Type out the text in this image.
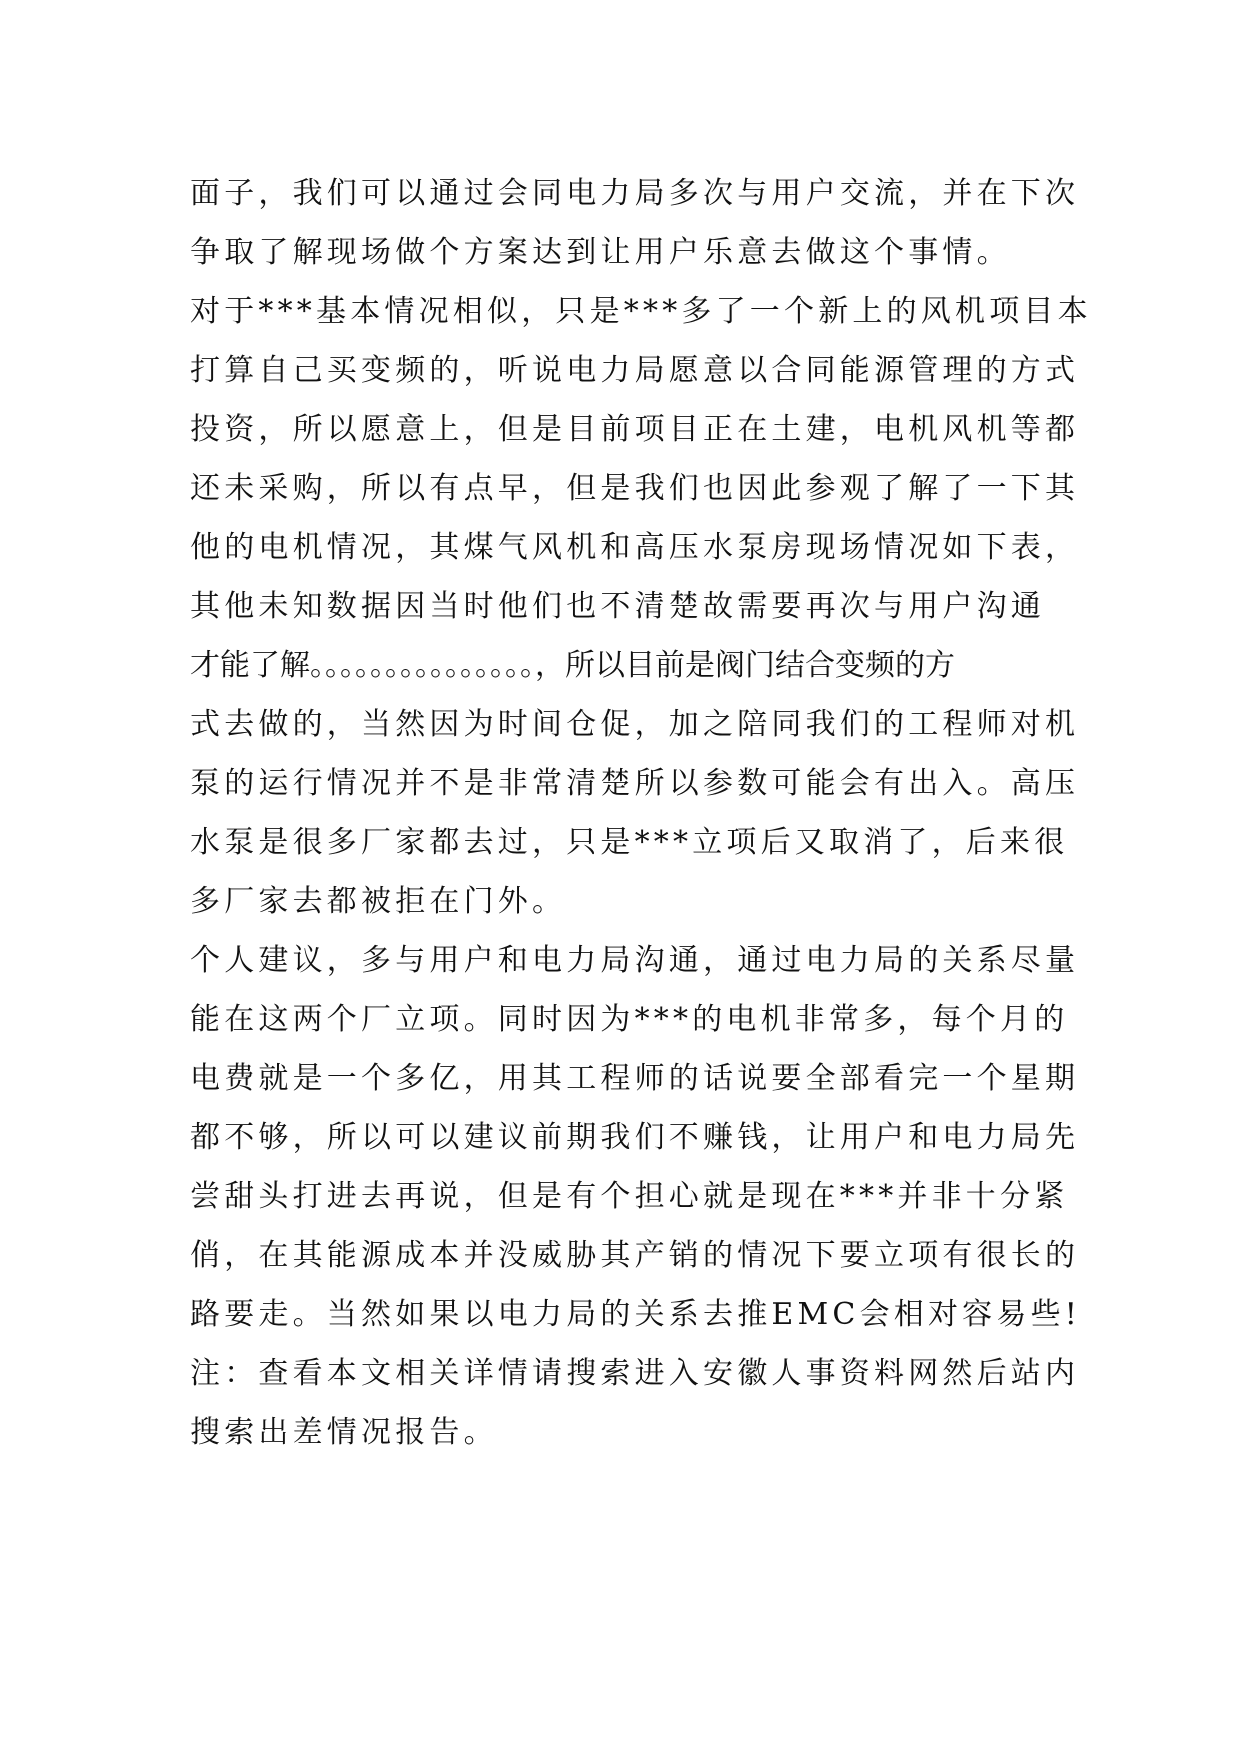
面子，我们可以通过会同电力局多次与用户交流，并在下次
争取了解现场做个方案达到让用户乐意去做这个事情。
对于***基本情况相似，只是***多了一个新上的风机项目本
打算自己买变频的，听说电力局愿意以合同能源管理的方式
投资，所以愿意上，但是目前项目正在土建，电机风机等都
还未采购，所以有点早，但是我们也因此参观了解了一下其
他的电机情况，其煤气风机和高压水泵房现场情况如下表，
其他未知数据因当时他们也不清楚故需要再次与用户沟通
才能了解。。。。。。。。。。。。。。。，所以目前是阀门结合变频的方
式去做的，当然因为时间仓促，加之陪同我们的工程师对机
泵的运行情况并不是非常清楚所以参数可能会有出入。高压
水泵是很多厂家都去过，只是***立项后又取消了，后来很
多厂家去都被拒在门外。
个人建议，多与用户和电力局沟通，通过电力局的关系尽量
能在这两个厂立项。同时因为***的电机非常多，每个月的
电费就是一个多亿，用其工程师的话说要全部看完一个星期
都不够，所以可以建议前期我们不赚钱，让用户和电力局先
尝甜头打进去再说，但是有个担心就是现在***并非十分紧
俏，在其能源成本并没威胁其产销的情况下要立项有很长的
路要走。当然如果以电力局的关系去推EMC会相对容易些!
注：查看本文相关详情请搜索进入安徽人事资料网然后站内
搜索出差情况报告。
